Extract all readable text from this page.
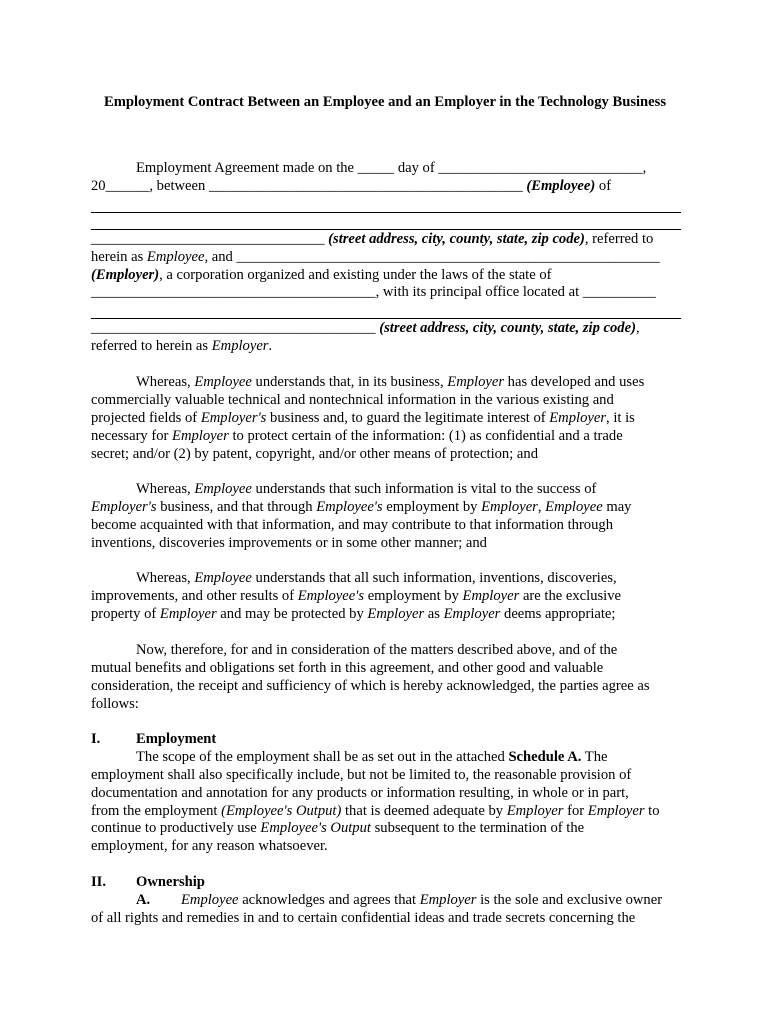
Employment Contract Between an Employee and an Employer in the Technology Business
Employment Agreement made on the _____ day of ____________________________,
20______, between ___________________________________________ (Employee) of
________________________________ (street address, city, county, state, zip code), referred to
herein as Employee, and __________________________________________________________
(Employer), a corporation organized and existing under the laws of the state of
_______________________________________, with its principal office located at __________
_______________________________________ (street address, city, county, state, zip code),
referred to herein as Employer.
Whereas, Employee understands that, in its business, Employer has developed and uses
commercially valuable technical and nontechnical information in the various existing and
projected fields of Employer's business and, to guard the legitimate interest of Employer, it is
necessary for Employer to protect certain of the information: (1) as confidential and a trade
secret; and/or (2) by patent, copyright, and/or other means of protection; and
Whereas, Employee understands that such information is vital to the success of
Employer's business, and that through Employee's employment by Employer, Employee may
become acquainted with that information, and may contribute to that information through
inventions, discoveries improvements or in some other manner; and
Whereas, Employee understands that all such information, inventions, discoveries,
improvements, and other results of Employee's employment by Employer are the exclusive
property of Employer and may be protected by Employer as Employer deems appropriate;
Now, therefore, for and in consideration of the matters described above, and of the
mutual benefits and obligations set forth in this agreement, and other good and valuable
consideration, the receipt and sufficiency of which is hereby acknowledged, the parties agree as
follows:
I. Employment
The scope of the employment shall be as set out in the attached Schedule A. The
employment shall also specifically include, but not be limited to, the reasonable provision of
documentation and annotation for any products or information resulting, in whole or in part,
from the employment (Employee's Output) that is deemed adequate by Employer for Employer to
continue to productively use Employee's Output subsequent to the termination of the
employment, for any reason whatsoever.
II. Ownership
A. Employee acknowledges and agrees that Employer is the sole and exclusive owner
of all rights and remedies in and to certain confidential ideas and trade secrets concerning the
